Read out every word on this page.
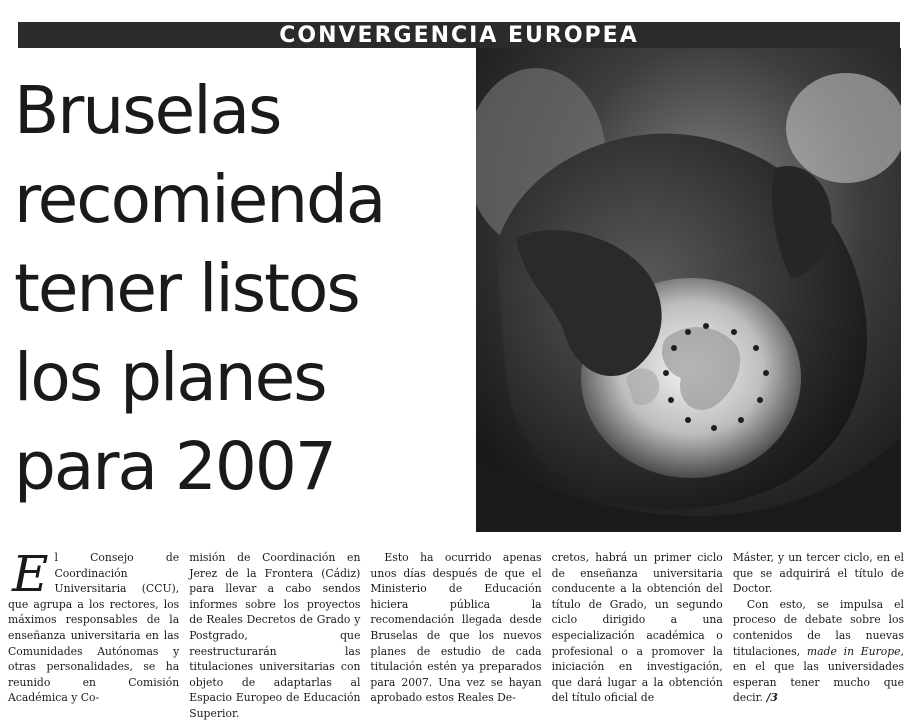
CONVERGENCIA EUROPEA
Bruselas
recomienda
tener listos
los planes
para 2007
E l Consejo de Coordinación Universitaria (CCU), que agrupa a los rectores, los máximos responsables de la enseñanza universitaria en las Comunidades Autónomas y otras personalidades, se ha reunido en Comisión Académica y Co-

misión de Coordinación en Jerez de la Frontera (Cádiz) para llevar a cabo sendos informes sobre los proyectos de Reales Decretos de Grado y Postgrado, que reestructurarán las titulaciones universitarias con objeto de adaptarlas al Espacio Europeo de Educación Superior.

Esto ha ocurrido apenas unos días después de que el Ministerio de Educación hiciera pública la recomendación llegada desde Bruselas de que los nuevos planes de estudio de cada titulación estén ya preparados para 2007. Una vez se hayan aprobado estos Reales De-

cretos, habrá un primer ciclo de enseñanza universitaria conducente a la obtención del título de Grado, un segundo ciclo dirigido a una especialización académica o profesional o a promover la iniciación en investigación, que dará lugar a la obtención del título oficial de

Máster, y un tercer ciclo, en el que se adquirirá el título de Doctor.

Con esto, se impulsa el proceso de debate sobre los contenidos de las nuevas titulaciones, made in Europe, en el que las universidades esperan tener mucho que decir. /3
